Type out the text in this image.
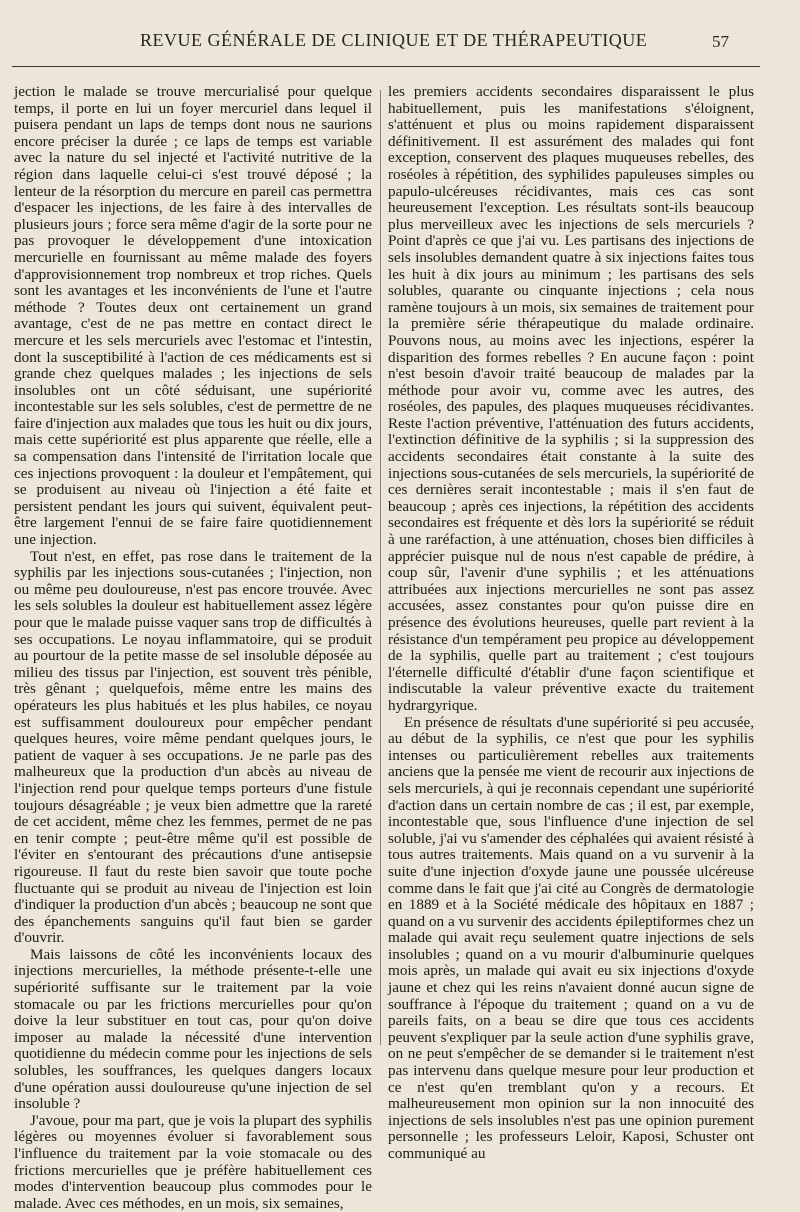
REVUE GÉNÉRALE DE CLINIQUE ET DE THÉRAPEUTIQUE	57

jection le malade se trouve mercurialisé pour quelque temps, il porte en lui un foyer mercuriel dans lequel il puisera pendant un laps de temps dont nous ne saurions encore préciser la durée ; ce laps de temps est variable avec la nature du sel injecté et l'activité nutritive de la région dans laquelle celui-ci s'est trouvé déposé ; la lenteur de la résorption du mercure en pareil cas permettra d'espacer les injections, de les faire à des intervalles de plusieurs jours ; force sera même d'agir de la sorte pour ne pas provoquer le développement d'une intoxication mercurielle en fournissant au même malade des foyers d'approvisionnement trop nombreux et trop riches. Quels sont les avantages et les inconvénients de l'une et l'autre méthode ? Toutes deux ont certainement un grand avantage, c'est de ne pas mettre en contact direct le mercure et les sels mercuriels avec l'estomac et l'intestin, dont la susceptibilité à l'action de ces médicaments est si grande chez quelques malades ; les injections de sels insolubles ont un côté séduisant, une supériorité incontestable sur les sels solubles, c'est de permettre de ne faire d'injection aux malades que tous les huit ou dix jours, mais cette supériorité est plus apparente que réelle, elle a sa compensation dans l'intensité de l'irritation locale que ces injections provoquent : la douleur et l'empâtement, qui se produisent au niveau où l'injection a été faite et persistent pendant les jours qui suivent, équivalent peut-être largement l'ennui de se faire faire quotidiennement une injection.

Tout n'est, en effet, pas rose dans le traitement de la syphilis par les injections sous-cutanées ; l'injection, non ou même peu douloureuse, n'est pas encore trouvée. Avec les sels solubles la douleur est habituellement assez légère pour que le malade puisse vaquer sans trop de difficultés à ses occupations. Le noyau inflammatoire, qui se produit au pourtour de la petite masse de sel insoluble déposée au milieu des tissus par l'injection, est souvent très pénible, très gênant ; quelquefois, même entre les mains des opérateurs les plus habitués et les plus habiles, ce noyau est suffisamment douloureux pour empêcher pendant quelques heures, voire même pendant quelques jours, le patient de vaquer à ses occupations. Je ne parle pas des malheureux que la production d'un abcès au niveau de l'injection rend pour quelque temps porteurs d'une fistule toujours désagréable ; je veux bien admettre que la rareté de cet accident, même chez les femmes, permet de ne pas en tenir compte ; peut-être même qu'il est possible de l'éviter en s'entourant des précautions d'une antisepsie rigoureuse. Il faut du reste bien savoir que toute poche fluctuante qui se produit au niveau de l'injection est loin d'indiquer la production d'un abcès ; beaucoup ne sont que des épanchements sanguins qu'il faut bien se garder d'ouvrir.

Mais laissons de côté les inconvénients locaux des injections mercurielles, la méthode présente-t-elle une supériorité suffisante sur le traitement par la voie stomacale ou par les frictions mercurielles pour qu'on doive la leur substituer en tout cas, pour qu'on doive imposer au malade la nécessité d'une intervention quotidienne du médecin comme pour les injections de sels solubles, les souffrances, les quelques dangers locaux d'une opération aussi douloureuse qu'une injection de sel insoluble ?

J'avoue, pour ma part, que je vois la plupart des syphilis légères ou moyennes évoluer si favorablement sous l'influence du traitement par la voie stomacale ou des frictions mercurielles que je préfère habituellement ces modes d'intervention beaucoup plus commodes pour le malade. Avec ces méthodes, en un mois, six semaines,

les premiers accidents secondaires disparaissent le plus habituellement, puis les manifestations s'éloignent, s'atténuent et plus ou moins rapidement disparaissent définitivement. Il est assurément des malades qui font exception, conservent des plaques muqueuses rebelles, des roséoles à répétition, des syphilides papuleuses simples ou papulo-ulcéreuses récidivantes, mais ces cas sont heureusement l'exception. Les résultats sont-ils beaucoup plus merveilleux avec les injections de sels mercuriels ? Point d'après ce que j'ai vu. Les partisans des injections de sels insolubles demandent quatre à six injections faites tous les huit à dix jours au minimum ; les partisans des sels solubles, quarante ou cinquante injections ; cela nous ramène toujours à un mois, six semaines de traitement pour la première série thérapeutique du malade ordinaire. Pouvons nous, au moins avec les injections, espérer la disparition des formes rebelles ? En aucune façon : point n'est besoin d'avoir traité beaucoup de malades par la méthode pour avoir vu, comme avec les autres, des roséoles, des papules, des plaques muqueuses récidivantes. Reste l'action préventive, l'atténuation des futurs accidents, l'extinction définitive de la syphilis ; si la suppression des accidents secondaires était constante à la suite des injections sous-cutanées de sels mercuriels, la supériorité de ces dernières serait incontestable ; mais il s'en faut de beaucoup ; après ces injections, la répétition des accidents secondaires est fréquente et dès lors la supériorité se réduit à une raréfaction, à une atténuation, choses bien difficiles à apprécier puisque nul de nous n'est capable de prédire, à coup sûr, l'avenir d'une syphilis ; et les atténuations attribuées aux injections mercurielles ne sont pas assez accusées, assez constantes pour qu'on puisse dire en présence des évolutions heureuses, quelle part revient à la résistance d'un tempérament peu propice au développement de la syphilis, quelle part au traitement ; c'est toujours l'éternelle difficulté d'établir d'une façon scientifique et indiscutable la valeur préventive exacte du traitement hydrargyrique.

En présence de résultats d'une supériorité si peu accusée, au début de la syphilis, ce n'est que pour les syphilis intenses ou particulièrement rebelles aux traitements anciens que la pensée me vient de recourir aux injections de sels mercuriels, à qui je reconnais cependant une supériorité d'action dans un certain nombre de cas ; il est, par exemple, incontestable que, sous l'influence d'une injection de sel soluble, j'ai vu s'amender des céphalées qui avaient résisté à tous autres traitements. Mais quand on a vu survenir à la suite d'une injection d'oxyde jaune une poussée ulcéreuse comme dans le fait que j'ai cité au Congrès de dermatologie en 1889 et à la Société médicale des hôpitaux en 1887 ; quand on a vu survenir des accidents épileptiformes chez un malade qui avait reçu seulement quatre injections de sels insolubles ; quand on a vu mourir d'albuminurie quelques mois après, un malade qui avait eu six injections d'oxyde jaune et chez qui les reins n'avaient donné aucun signe de souffrance à l'époque du traitement ; quand on a vu de pareils faits, on a beau se dire que tous ces accidents peuvent s'expliquer par la seule action d'une syphilis grave, on ne peut s'empêcher de se demander si le traitement n'est pas intervenu dans quelque mesure pour leur production et ce n'est qu'en tremblant qu'on y a recours. Et malheureusement mon opinion sur la non innocuité des injections de sels insolubles n'est pas une opinion purement personnelle ; les professeurs Leloir, Kaposi, Schuster ont communiqué au
